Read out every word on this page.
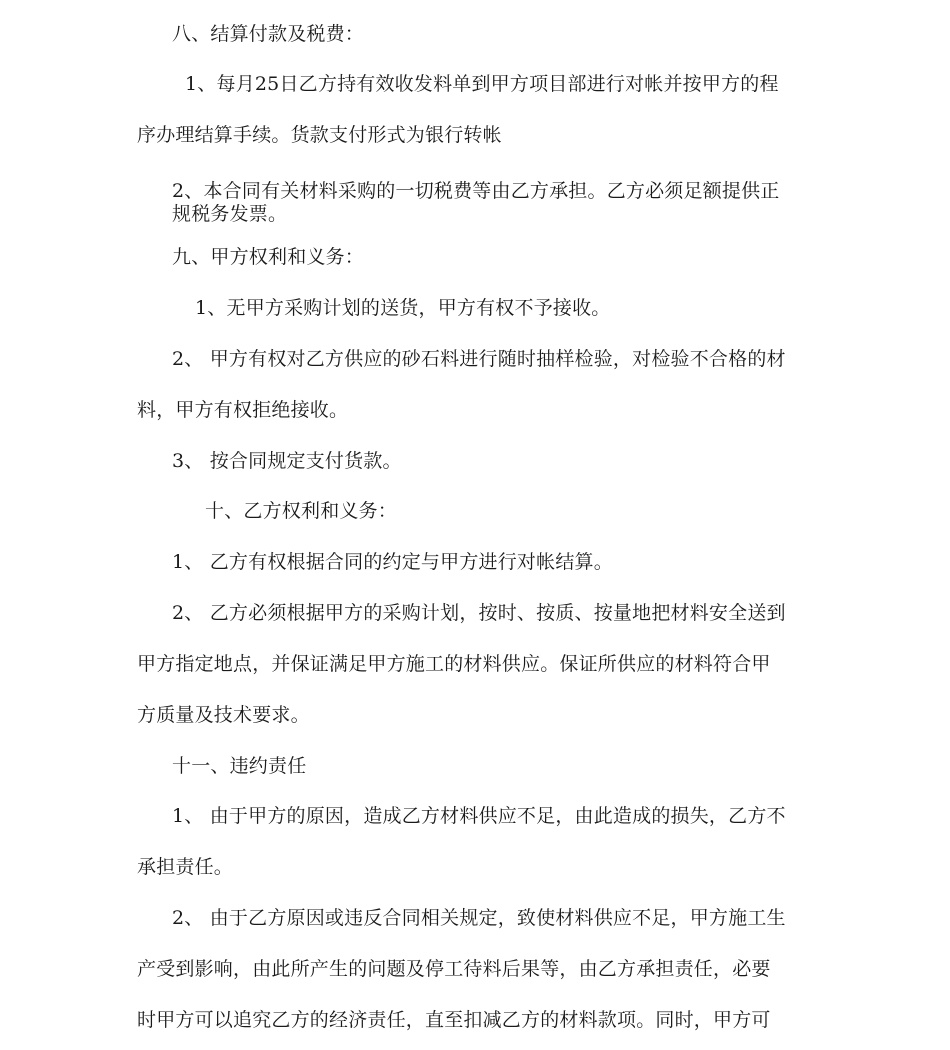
八、结算付款及税费：
1、每月25日乙方持有效收发料单到甲方项目部进行对帐并按甲方的程
序办理结算手续。货款支付形式为银行转帐
2、本合同有关材料采购的一切税费等由乙方承担。乙方必须足额提供正
规税务发票。
九、甲方权利和义务：
1、无甲方采购计划的送货，甲方有权不予接收。
2、 甲方有权对乙方供应的砂石料进行随时抽样检验，对检验不合格的材
料，甲方有权拒绝接收。
3、 按合同规定支付货款。
十、乙方权利和义务：
1、 乙方有权根据合同的约定与甲方进行对帐结算。
2、 乙方必须根据甲方的采购计划，按时、按质、按量地把材料安全送到
甲方指定地点，并保证满足甲方施工的材料供应。保证所供应的材料符合甲
方质量及技术要求。
十一、违约责任
1、 由于甲方的原因，造成乙方材料供应不足，由此造成的损失，乙方不
承担责任。
2、 由于乙方原因或违反合同相关规定，致使材料供应不足，甲方施工生
产受到影响，由此所产生的问题及停工待料后果等，由乙方承担责任，必要
时甲方可以追究乙方的经济责任，直至扣减乙方的材料款项。同时，甲方可
